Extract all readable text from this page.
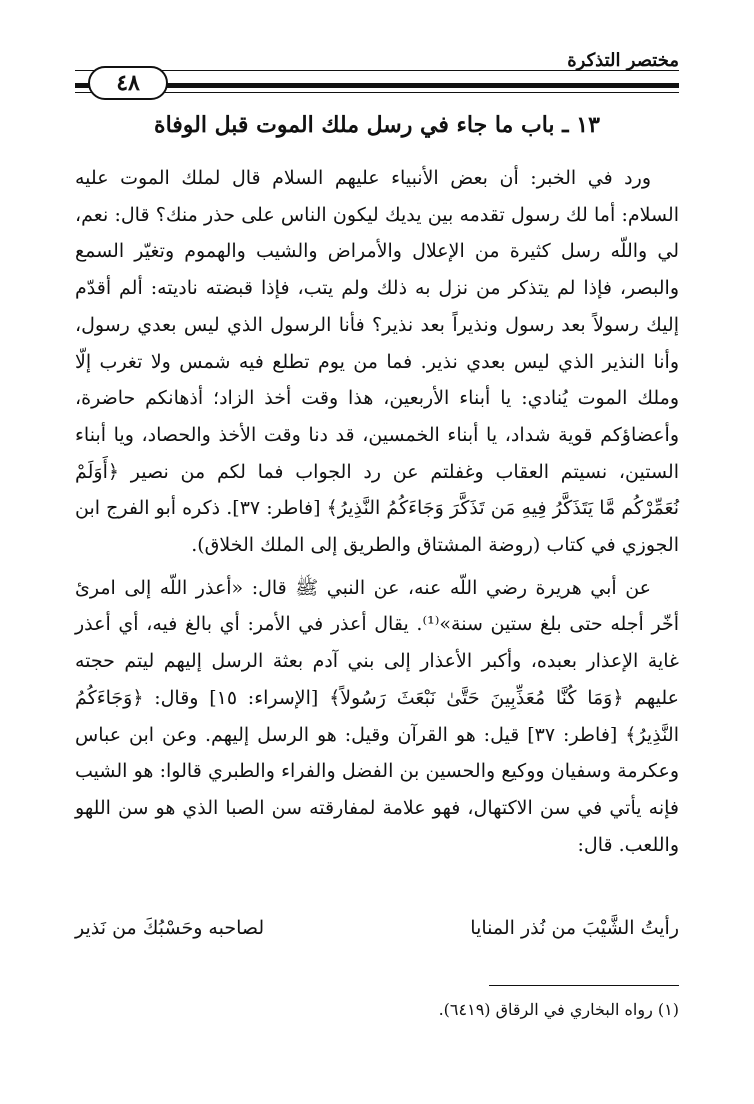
مختصر التذكرة
٤٨
١٣ ـ باب ما جاء في رسل ملك الموت قبل الوفاة

ورد في الخبر: أن بعض الأنبياء عليهم السلام قال لملك الموت عليه السلام: أما لك رسول تقدمه بين يديك ليكون الناس على حذر منك؟ قال: نعم، لي واللّه رسل كثيرة من الإعلال والأمراض والشيب والهموم وتغيّر السمع والبصر، فإذا لم يتذكر من نزل به ذلك ولم يتب، فإذا قبضته ناديته: ألم أقدّم إليك رسولاً بعد رسول ونذيراً بعد نذير؟ فأنا الرسول الذي ليس بعدي رسول، وأنا النذير الذي ليس بعدي نذير. فما من يوم تطلع فيه شمس ولا تغرب إلّا وملك الموت يُنادي: يا أبناء الأربعين، هذا وقت أخذ الزاد؛ أذهانكم حاضرة، وأعضاؤكم قوية شداد، يا أبناء الخمسين، قد دنا وقت الأخذ والحصاد، ويا أبناء الستين، نسيتم العقاب وغفلتم عن رد الجواب فما لكم من نصير ﴿أَوَلَمْ نُعَمِّرْكُم مَّا يَتَذَكَّرُ فِيهِ مَن تَذَكَّرَ وَجَاءَكُمُ النَّذِيرُ﴾ [فاطر: ٣٧]. ذكره أبو الفرج ابن الجوزي في كتاب (روضة المشتاق والطريق إلى الملك الخلاق).

عن أبي هريرة رضي اللّه عنه، عن النبي ﷺ قال: «أعذر اللّه إلى امرئ أخّر أجله حتى بلغ ستين سنة»⁽¹⁾. يقال أعذر في الأمر: أي بالغ فيه، أي أعذر غاية الإعذار بعبده، وأكبر الأعذار إلى بني آدم بعثة الرسل إليهم ليتم حجته عليهم ﴿وَمَا كُنَّا مُعَذِّبِينَ حَتَّىٰ نَبْعَثَ رَسُولاً﴾ [الإسراء: ١٥] وقال: ﴿وَجَاءَكُمُ النَّذِيرُ﴾ [فاطر: ٣٧] قيل: هو القرآن وقيل: هو الرسل إليهم. وعن ابن عباس وعكرمة وسفيان ووكيع والحسين بن الفضل والفراء والطبري قالوا: هو الشيب فإنه يأتي في سن الاكتهال، فهو علامة لمفارقته سن الصبا الذي هو سن اللهو واللعب. قال:

رأيتُ الشَّيْبَ من نُذر المنايا
لصاحبه وحَسْبُكَ من نَذير
(١) رواه البخاري في الرقاق (٦٤١٩).
